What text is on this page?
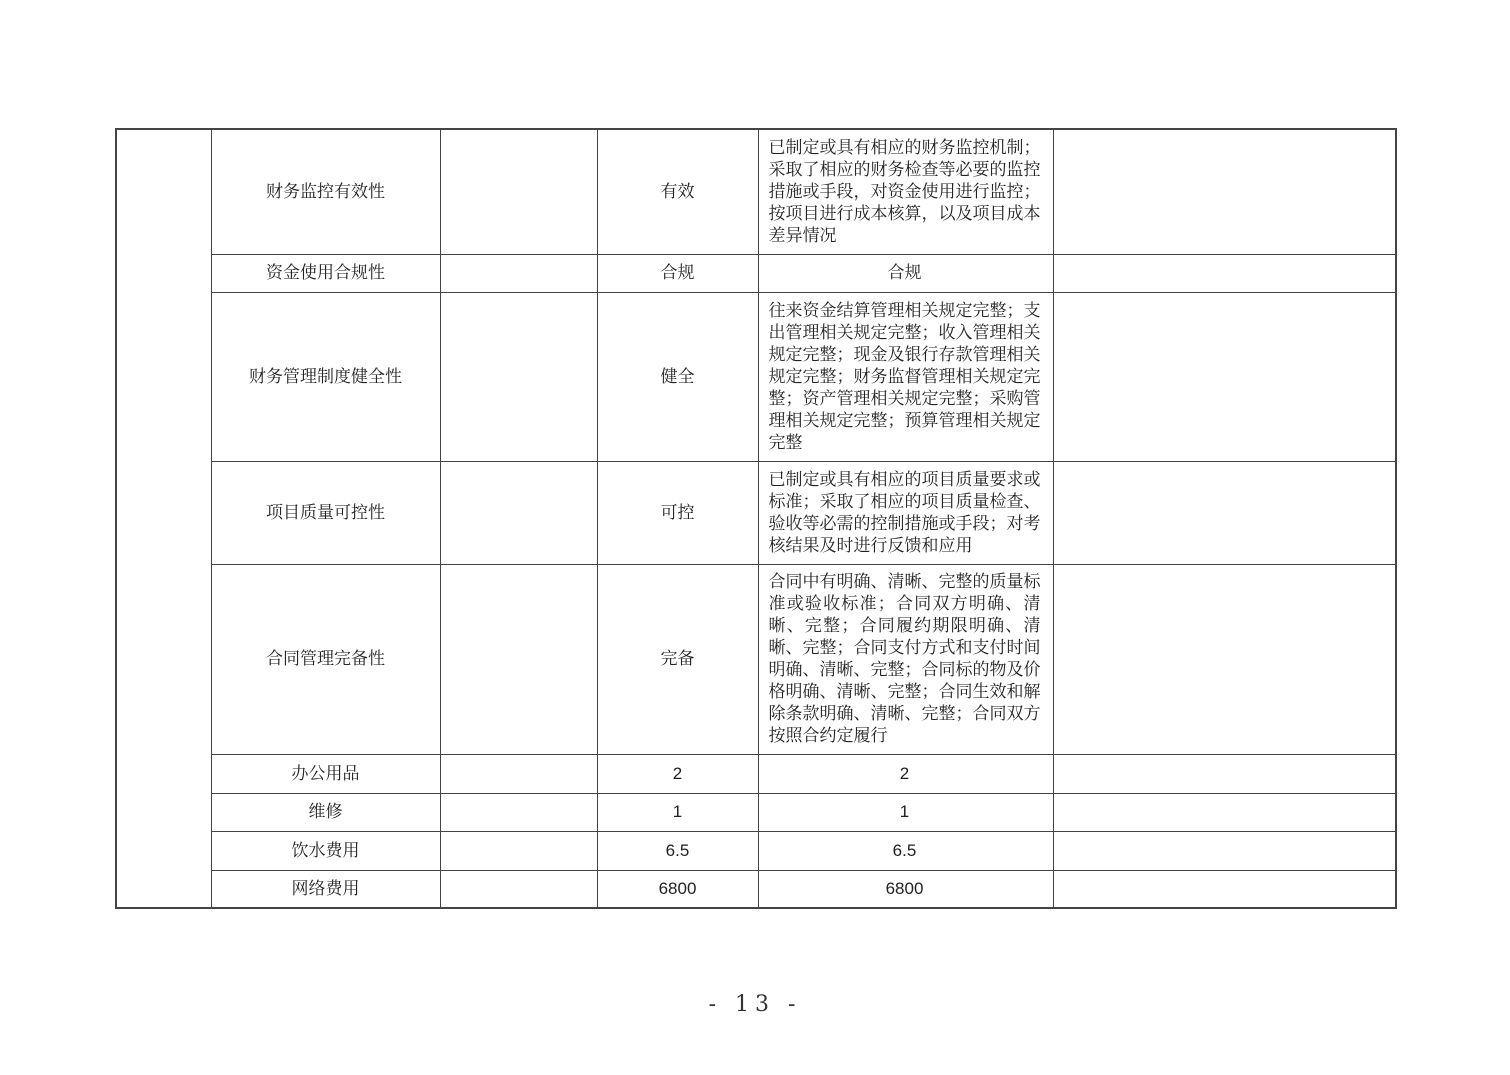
	财务监控有效性		有效	已制定或具有相应的财务监控机制；采取了相应的财务检查等必要的监控措施或手段，对资金使用进行监控；按项目进行成本核算，以及项目成本差异情况	
	资金使用合规性		合规	合规	
	财务管理制度健全性		健全	往来资金结算管理相关规定完整；支出管理相关规定完整；收入管理相关规定完整；现金及银行存款管理相关规定完整；财务监督管理相关规定完整；资产管理相关规定完整；采购管理相关规定完整；预算管理相关规定完整	
	项目质量可控性		可控	已制定或具有相应的项目质量要求或标准；采取了相应的项目质量检查、验收等必需的控制措施或手段；对考核结果及时进行反馈和应用	
	合同管理完备性		完备	合同中有明确、清晰、完整的质量标准或验收标准；合同双方明确、清晰、完整；合同履约期限明确、清晰、完整；合同支付方式和支付时间明确、清晰、完整；合同标的物及价格明确、清晰、完整；合同生效和解除条款明确、清晰、完整；合同双方按照合约定履行	
	办公用品		2	2	
	维修		1	1	
	饮水费用		6.5	6.5	
	网络费用		6800	6800	
- 13 -
